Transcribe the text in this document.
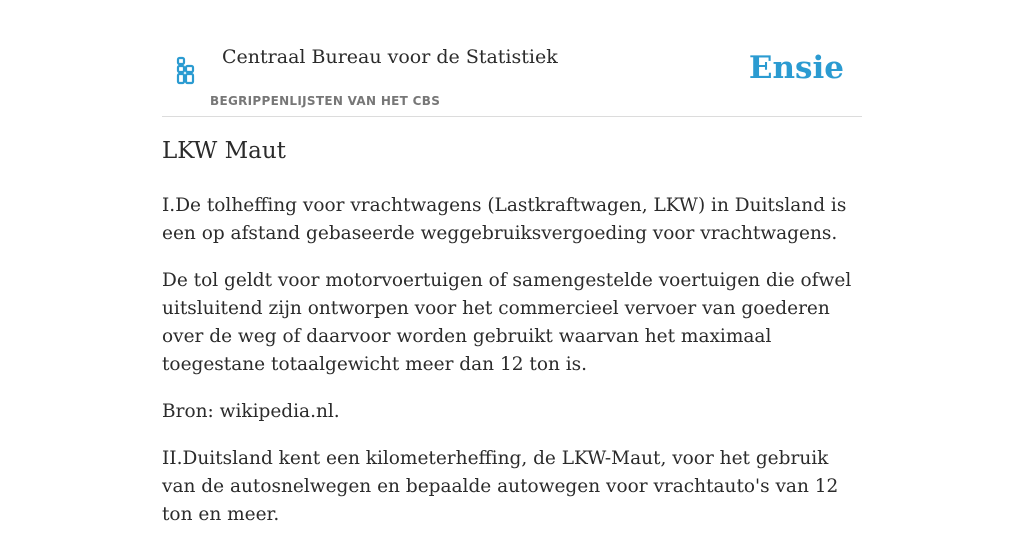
Centraal Bureau voor de Statistiek
BEGRIPPENLIJSTEN VAN HET CBS
Ensie
LKW Maut

I.De tolheffing voor vrachtwagens (Lastkraftwagen, LKW) in Duitsland is een op afstand gebaseerde weggebruiksvergoeding voor vrachtwagens.

De tol geldt voor motorvoertuigen of samengestelde voertuigen die ofwel uitsluitend zijn ontworpen voor het commercieel vervoer van goederen over de weg of daarvoor worden gebruikt waarvan het maximaal toegestane totaalgewicht meer dan 12 ton is.

Bron: wikipedia.nl.

II.Duitsland kent een kilometerheffing, de LKW-Maut, voor het gebruik van de autosnelwegen en bepaalde autowegen voor vrachtauto's van 12 ton en meer.
